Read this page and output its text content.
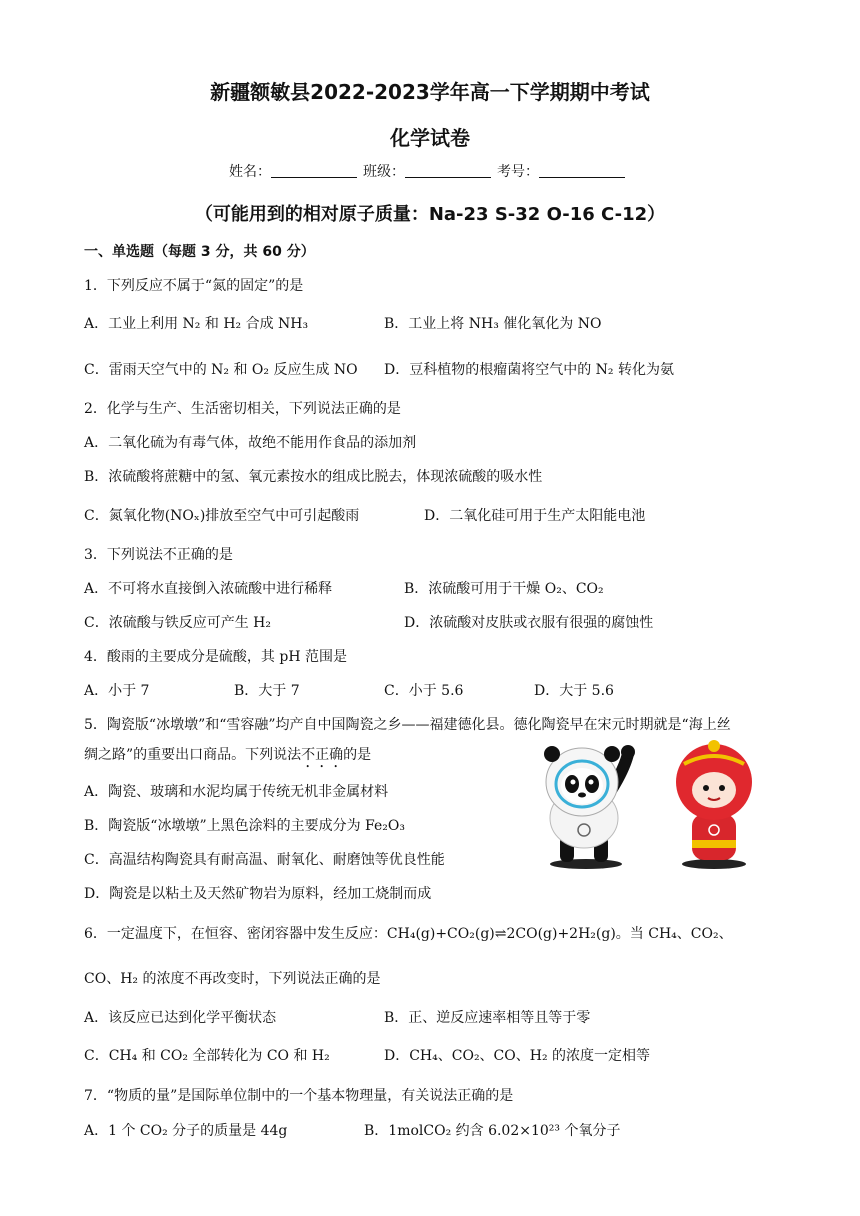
新疆额敏县2022-2023学年高一下学期期中考试
化学试卷
姓名：	班级：	考号：
（可能用到的相对原子质量：Na-23 S-32 O-16 C-12）
一、单选题（每题 3 分，共 60 分）
1．下列反应不属于“氮的固定”的是
A．工业上利用 N₂ 和 H₂ 合成 NH₃	B．工业上将 NH₃ 催化氧化为 NO
C．雷雨天空气中的 N₂ 和 O₂ 反应生成 NO D．豆科植物的根瘤菌将空气中的 N₂ 转化为氨
2．化学与生产、生活密切相关，下列说法正确的是
A．二氧化硫为有毒气体，故绝不能用作食品的添加剂
B．浓硫酸将蔗糖中的氢、氧元素按水的组成比脱去，体现浓硫酸的吸水性
C．氮氧化物(NOₓ)排放至空气中可引起酸雨	D．二氧化硅可用于生产太阳能电池
3．下列说法不正确的是
A．不可将水直接倒入浓硫酸中进行稀释	B．浓硫酸可用于干燥 O₂、CO₂
C．浓硫酸与铁反应可产生 H₂	D．浓硫酸对皮肤或衣服有很强的腐蚀性
4．酸雨的主要成分是硫酸，其 pH 范围是
A．小于 7	B．大于 7	C．小于 5.6	D．大于 5.6
5．陶瓷版“冰墩墩”和“雪容融”均产自中国陶瓷之乡——福建德化县。德化陶瓷早在宋元时期就是“海上丝
绸之路”的重要出口商品。下列说法不正确的是
A．陶瓷、玻璃和水泥均属于传统无机非金属材料
B．陶瓷版“冰墩墩”上黑色涂料的主要成分为 Fe₂O₃
C．高温结构陶瓷具有耐高温、耐氧化、耐磨蚀等优良性能
D．陶瓷是以粘土及天然矿物岩为原料，经加工烧制而成
6．一定温度下，在恒容、密闭容器中发生反应：CH₄(g)+CO₂(g)⇌2CO(g)+2H₂(g)。当 CH₄、CO₂、
CO、H₂ 的浓度不再改变时，下列说法正确的是
A．该反应已达到化学平衡状态	B．正、逆反应速率相等且等于零
C．CH₄ 和 CO₂ 全部转化为 CO 和 H₂	D．CH₄、CO₂、CO、H₂ 的浓度一定相等
7．“物质的量”是国际单位制中的一个基本物理量，有关说法正确的是
A．1 个 CO₂ 分子的质量是 44g	B．1molCO₂ 约含 6.02×10²³ 个氧分子
